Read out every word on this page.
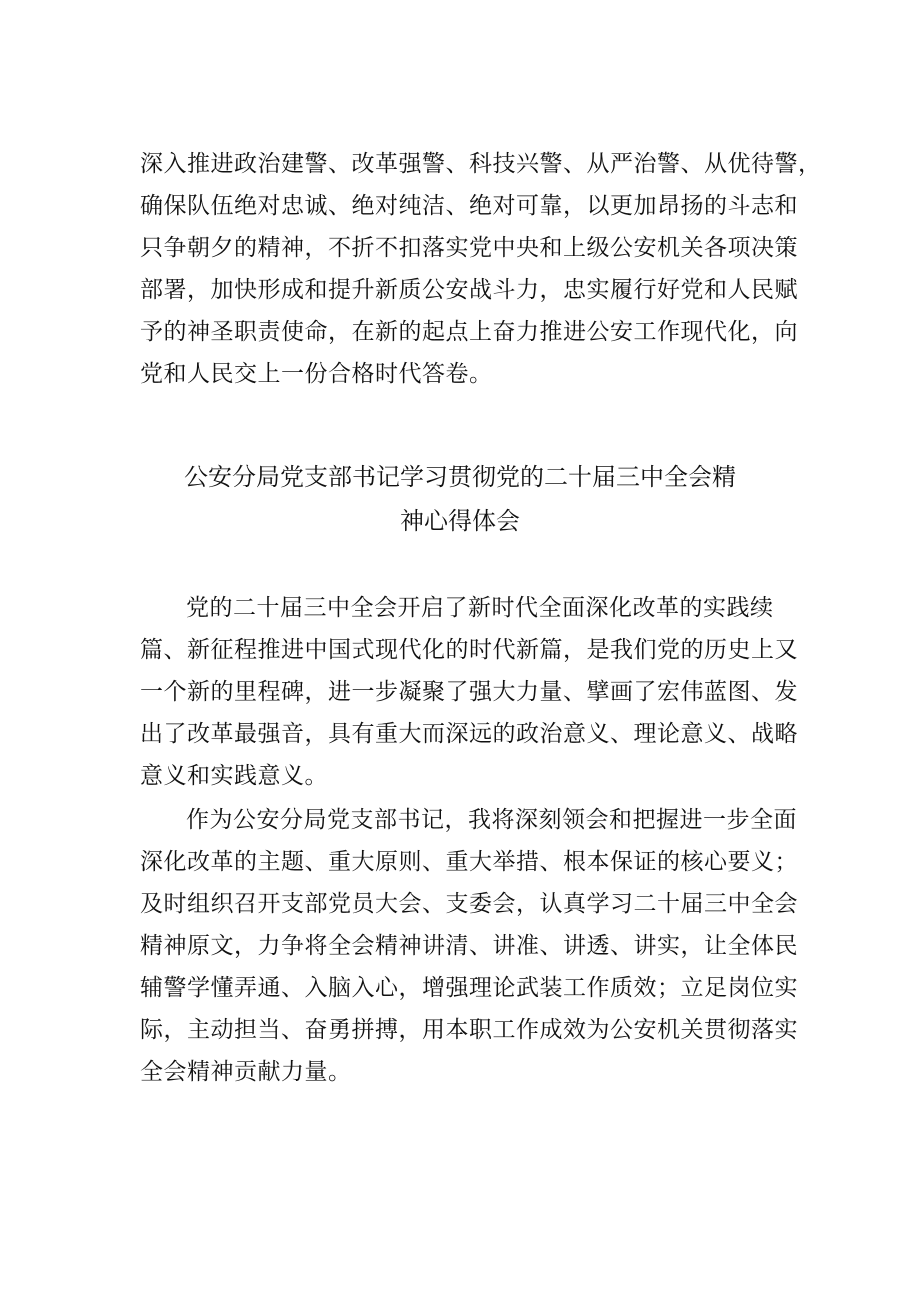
深入推进政治建警、改革强警、科技兴警、从严治警、从优待警，
确保队伍绝对忠诚、绝对纯洁、绝对可靠，以更加昂扬的斗志和
只争朝夕的精神，不折不扣落实党中央和上级公安机关各项决策
部署，加快形成和提升新质公安战斗力，忠实履行好党和人民赋
予的神圣职责使命，在新的起点上奋力推进公安工作现代化，向
党和人民交上一份合格时代答卷。
公安分局党支部书记学习贯彻党的二十届三中全会精
神心得体会
党的二十届三中全会开启了新时代全面深化改革的实践续
篇、新征程推进中国式现代化的时代新篇，是我们党的历史上又
一个新的里程碑，进一步凝聚了强大力量、擘画了宏伟蓝图、发
出了改革最强音，具有重大而深远的政治意义、理论意义、战略
意义和实践意义。
作为公安分局党支部书记，我将深刻领会和把握进一步全面
深化改革的主题、重大原则、重大举措、根本保证的核心要义；
及时组织召开支部党员大会、支委会，认真学习二十届三中全会
精神原文，力争将全会精神讲清、讲准、讲透、讲实，让全体民
辅警学懂弄通、入脑入心，增强理论武装工作质效；立足岗位实
际，主动担当、奋勇拼搏，用本职工作成效为公安机关贯彻落实
全会精神贡献力量。
